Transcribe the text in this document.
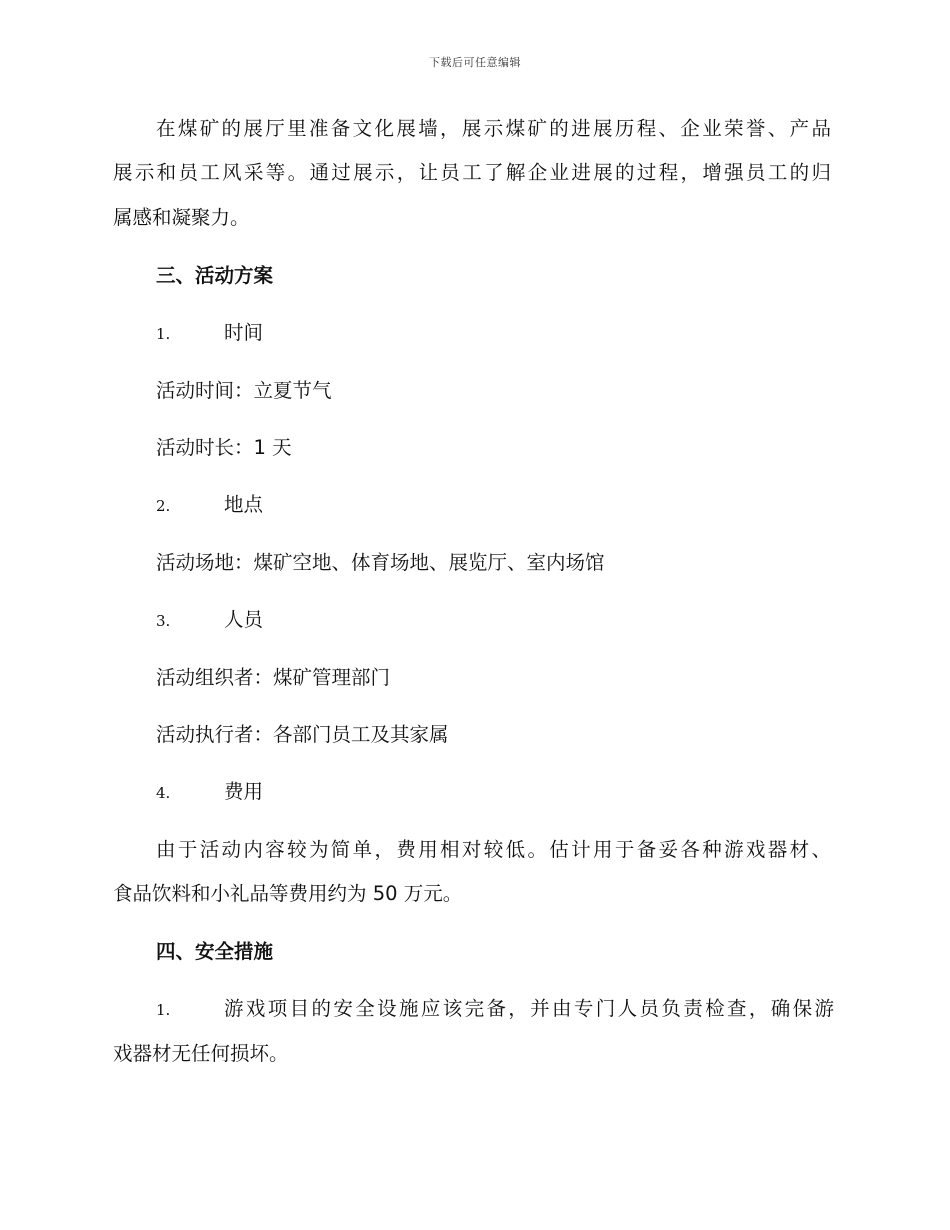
下载后可任意编辑
在煤矿的展厅里准备文化展墙，展示煤矿的进展历程、企业荣誉、产品
展示和员工风采等。通过展示，让员工了解企业进展的过程，增强员工的归
属感和凝聚力。
三、活动方案
1.	时间
活动时间：立夏节气
活动时长：1 天
2.	地点
活动场地：煤矿空地、体育场地、展览厅、室内场馆
3.	人员
活动组织者：煤矿管理部门
活动执行者：各部门员工及其家属
4.	费用
由于活动内容较为简单，费用相对较低。估计用于备妥各种游戏器材、
食品饮料和小礼品等费用约为 50 万元。
四、安全措施
1.	游戏项目的安全设施应该完备，并由专门人员负责检查，确保游
戏器材无任何损坏。
